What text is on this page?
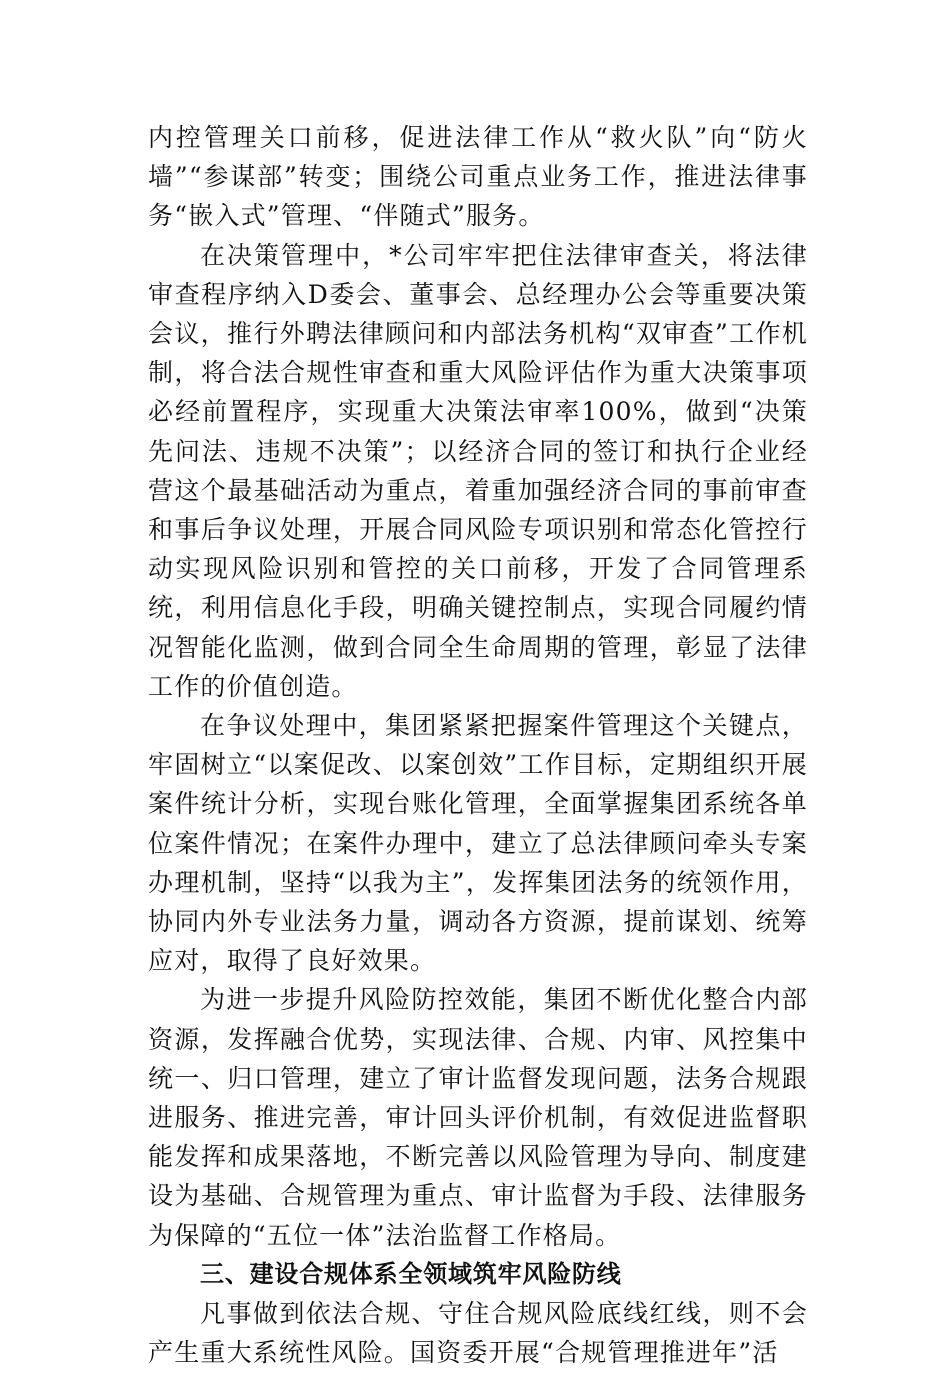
内控管理关口前移，促进法律工作从“救火队”向“防火墙”“参谋部”转变；围绕公司重点业务工作，推进法律事务“嵌入式”管理、“伴随式”服务。

在决策管理中，*公司牢牢把住法律审查关，将法律审查程序纳入D委会、董事会、总经理办公会等重要决策会议，推行外聘法律顾问和内部法务机构“双审查”工作机制，将合法合规性审查和重大风险评估作为重大决策事项必经前置程序，实现重大决策法审率100%，做到“决策先问法、违规不决策”；以经济合同的签订和执行企业经营这个最基础活动为重点，着重加强经济合同的事前审查和事后争议处理，开展合同风险专项识别和常态化管控行动实现风险识别和管控的关口前移，开发了合同管理系统，利用信息化手段，明确关键控制点，实现合同履约情况智能化监测，做到合同全生命周期的管理，彰显了法律工作的价值创造。

在争议处理中，集团紧紧把握案件管理这个关键点，牢固树立“以案促改、以案创效”工作目标，定期组织开展案件统计分析，实现台账化管理，全面掌握集团系统各单位案件情况；在案件办理中，建立了总法律顾问牵头专案办理机制，坚持“以我为主”，发挥集团法务的统领作用，协同内外专业法务力量，调动各方资源，提前谋划、统筹应对，取得了良好效果。

为进一步提升风险防控效能，集团不断优化整合内部资源，发挥融合优势，实现法律、合规、内审、风控集中统一、归口管理，建立了审计监督发现问题，法务合规跟进服务、推进完善，审计回头评价机制，有效促进监督职能发挥和成果落地，不断完善以风险管理为导向、制度建设为基础、合规管理为重点、审计监督为手段、法律服务为保障的“五位一体”法治监督工作格局。

三、建设合规体系全领域筑牢风险防线

凡事做到依法合规、守住合规风险底线红线，则不会产生重大系统性风险。国资委开展“合规管理推进年”活
